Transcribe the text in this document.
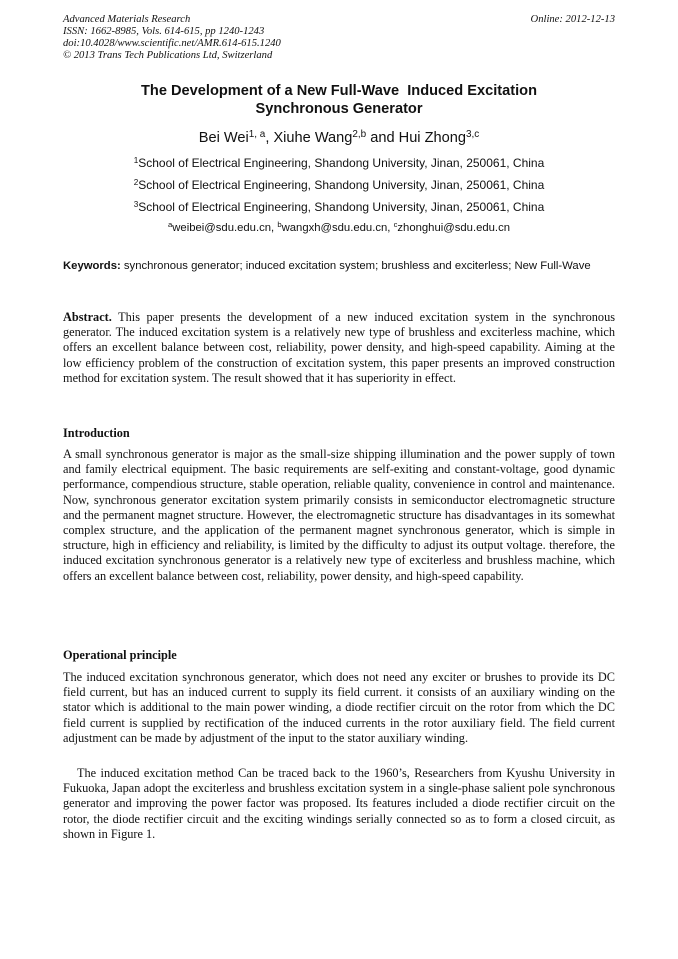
Advanced Materials Research
ISSN: 1662-8985, Vols. 614-615, pp 1240-1243
doi:10.4028/www.scientific.net/AMR.614-615.1240
© 2013 Trans Tech Publications Ltd, Switzerland
Online: 2012-12-13
The Development of a New Full-Wave  Induced Excitation
Synchronous Generator
Bei Wei$^{1, a}$, Xiuhe Wang$^{2,b}$ and Hui Zhong$^{3,c}$
$^1$School of Electrical Engineering, Shandong University, Jinan, 250061, China
$^2$School of Electrical Engineering, Shandong University, Jinan, 250061, China
$^3$School of Electrical Engineering, Shandong University, Jinan, 250061, China
$^a$weibei@sdu.edu.cn, $^b$wangxh@sdu.edu.cn, $^c$zhonghui@sdu.edu.cn
Keywords: synchronous generator; induced excitation system; brushless and exciterless; New Full-Wave
Abstract. This paper presents the development of a new induced excitation system in the synchronous generator. The induced excitation system is a relatively new type of brushless and exciterless machine, which offers an excellent balance between cost, reliability, power density, and high-speed capability. Aiming at the low efficiency problem of the construction of excitation system, this paper presents an improved construction method for excitation system. The result showed that it has superiority in effect.
Introduction
A small synchronous generator is major as the small-size shipping illumination and the power supply of town and family electrical equipment. The basic requirements are self-exiting and constant-voltage, good dynamic performance, compendious structure, stable operation, reliable quality, convenience in control and maintenance. Now, synchronous generator excitation system primarily consists in semiconductor electromagnetic structure and the permanent magnet structure. However, the electromagnetic structure has disadvantages in its somewhat complex structure, and the application of the permanent magnet synchronous generator, which is simple in structure, high in efficiency and reliability, is limited by the difficulty to adjust its output voltage. therefore, the induced excitation synchronous generator is a relatively new type of exciterless and brushless machine, which offers an excellent balance between cost, reliability, power density, and high-speed capability.
Operational principle
The induced excitation synchronous generator, which does not need any exciter or brushes to provide its DC field current, but has an induced current to supply its field current. it consists of an auxiliary winding on the stator which is additional to the main power winding, a diode rectifier circuit on the rotor from which the DC field current is supplied by rectification of the induced currents in the rotor auxiliary field. The field current adjustment can be made by adjustment of the input to the stator auxiliary winding.
The induced excitation method Can be traced back to the 1960’s, Researchers from Kyushu University in Fukuoka, Japan adopt the exciterless and brushless excitation system in a single-phase salient pole synchronous generator and improving the power factor was proposed. Its features included a diode rectifier circuit on the rotor, the diode rectifier circuit and the exciting windings serially connected so as to form a closed circuit, as shown in Figure 1.
